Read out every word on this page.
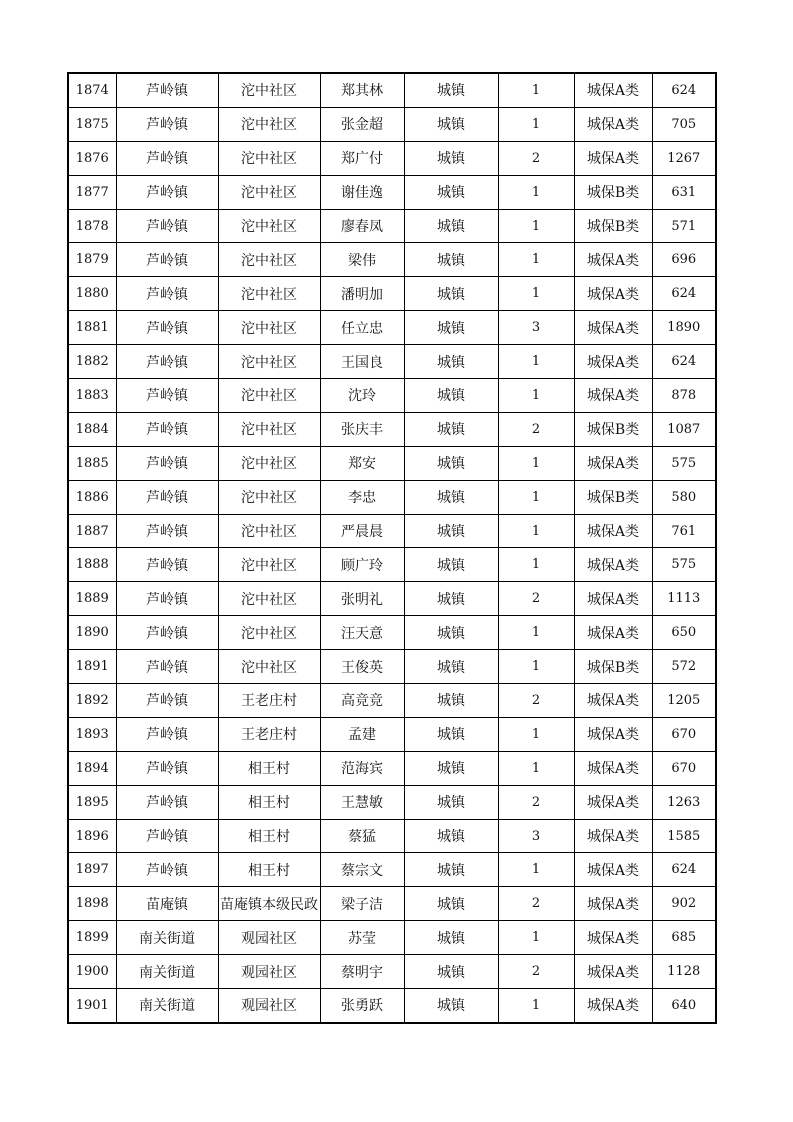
1874	芦岭镇	沱中社区	郑其林	城镇	1	城保A类	624
1875	芦岭镇	沱中社区	张金超	城镇	1	城保A类	705
1876	芦岭镇	沱中社区	郑广付	城镇	2	城保A类	1267
1877	芦岭镇	沱中社区	谢佳逸	城镇	1	城保B类	631
1878	芦岭镇	沱中社区	廖春凤	城镇	1	城保B类	571
1879	芦岭镇	沱中社区	梁伟	城镇	1	城保A类	696
1880	芦岭镇	沱中社区	潘明加	城镇	1	城保A类	624
1881	芦岭镇	沱中社区	任立忠	城镇	3	城保A类	1890
1882	芦岭镇	沱中社区	王国良	城镇	1	城保A类	624
1883	芦岭镇	沱中社区	沈玲	城镇	1	城保A类	878
1884	芦岭镇	沱中社区	张庆丰	城镇	2	城保B类	1087
1885	芦岭镇	沱中社区	郑安	城镇	1	城保A类	575
1886	芦岭镇	沱中社区	李忠	城镇	1	城保B类	580
1887	芦岭镇	沱中社区	严晨晨	城镇	1	城保A类	761
1888	芦岭镇	沱中社区	顾广玲	城镇	1	城保A类	575
1889	芦岭镇	沱中社区	张明礼	城镇	2	城保A类	1113
1890	芦岭镇	沱中社区	汪天意	城镇	1	城保A类	650
1891	芦岭镇	沱中社区	王俊英	城镇	1	城保B类	572
1892	芦岭镇	王老庄村	高竞竞	城镇	2	城保A类	1205
1893	芦岭镇	王老庄村	孟建	城镇	1	城保A类	670
1894	芦岭镇	相王村	范海宾	城镇	1	城保A类	670
1895	芦岭镇	相王村	王慧敏	城镇	2	城保A类	1263
1896	芦岭镇	相王村	蔡猛	城镇	3	城保A类	1585
1897	芦岭镇	相王村	蔡宗文	城镇	1	城保A类	624
1898	苗庵镇	苗庵镇本级民政	梁子洁	城镇	2	城保A类	902
1899	南关街道	观园社区	苏莹	城镇	1	城保A类	685
1900	南关街道	观园社区	蔡明宇	城镇	2	城保A类	1128
1901	南关街道	观园社区	张勇跃	城镇	1	城保A类	640
